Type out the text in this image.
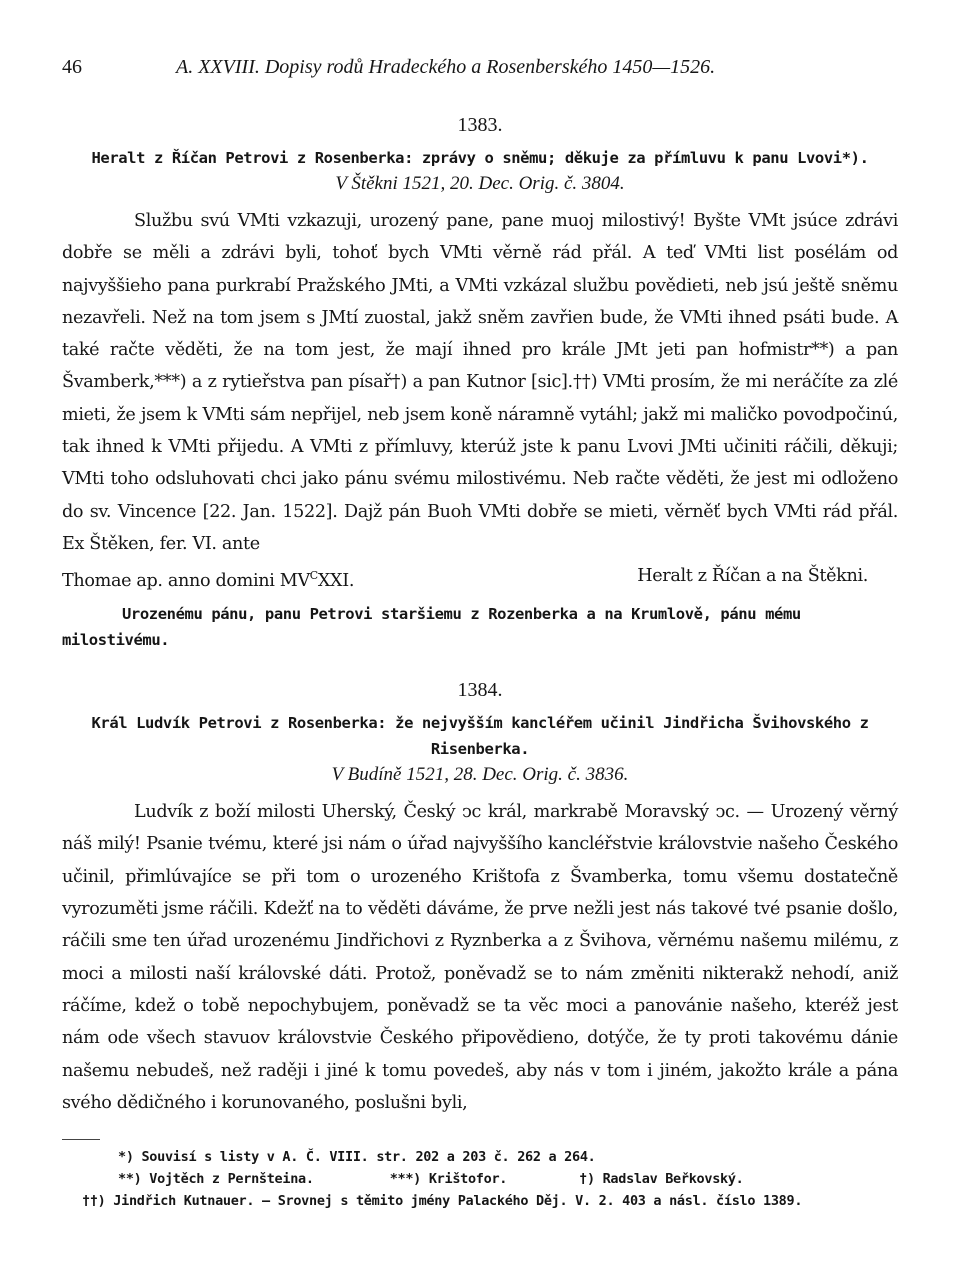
46	A. XXVIII. Dopisy rodů Hradeckého a Rosenberského 1450—1526.
1383.
Heralt z Říčan Petrovi z Rosenberka: zprávy o sněmu; děkuje za přímluvu k panu Lvovi*).
V Štěkni 1521, 20. Dec. Orig. č. 3804.

Službu svú VMti vzkazuji, urozený pane, pane muoj milostivý! Byšte VMt jsúce zdrávi dobře se měli a zdrávi byli, tohoť bych VMti věrně rád přál. A teď VMti list posélám od najvyššieho pana purkrabí Pražského JMti, a VMti vzkázal službu povědieti, neb jsú ještě sněmu nezavřeli. Než na tom jsem s JMtí zuostal, jakž sněm zavřien bude, že VMti ihned psáti bude. A také račte věděti, že na tom jest, že mají ihned pro krále JMt jeti pan hofmistr**) a pan Švamberk,***) a z rytieřstva pan písař†) a pan Kutnor [sic].††) VMti prosím, že mi neráčíte za zlé mieti, že jsem k VMti sám nepřijel, neb jsem koně náramně vytáhl; jakž mi maličko povodpočinú, tak ihned k VMti přijedu. A VMti z přímluvy, kterúž jste k panu Lvovi JMti učiniti ráčili, děkuji; VMti toho odsluhovati chci jako pánu svému milostivému. Neb račte věděti, že jest mi odloženo do sv. Vincence [22. Jan. 1522]. Dajž pán Buoh VMti dobře se mieti, věrněť bych VMti rád přál. Ex Štěken, fer. VI. ante

Thomae ap. anno domini $MV^CXXI$.	Heralt z Říčan a na Štěkni.
Urozenému pánu, panu Petrovi staršiemu z Rozenberka a na Krumlově, pánu mému milostivému.
1384.
Král Ludvík Petrovi z Rosenberka: že nejvyšším kancléřem učinil Jindřicha Švihovského z Risenberka.
V Budíně 1521, 28. Dec. Orig. č. 3836.

Ludvík z boží milosti Uherský, Český ͻc král, markrabě Moravský ͻc. — Urozený věrný náš milý! Psanie tvému, které jsi nám o úřad najvyššího kancléřstvie královstvie našeho Českého učinil, přimlúvajíce se při tom o urozeného Krištofa z Švamberka, tomu všemu dostatečně vyrozuměti jsme ráčili. Kdežť na to věděti dáváme, že prve nežli jest nás takové tvé psanie došlo, ráčili sme ten úřad urozenému Jindřichovi z Ryznberka a z Švihova, věrnému našemu milému, z moci a milosti naší královské dáti. Protož, poněvadž se to nám změniti nikterakž nehodí, aniž ráčíme, kdež o tobě nepochybujem, poněvadž se ta věc moci a panovánie našeho, kteréž jest nám ode všech stavuov královstvie Českého připovědieno, dotýče, že ty proti takovému dánie našemu nebudeš, než raději i jiné k tomu povedeš, aby nás v tom i jiném, jakožto krále a pána svého dědičného i korunovaného, poslušni byli,

*) Souvisí s listy v A. Č. VIII. str. 202 a 203 č. 262 a 264.
**) Vojtěch z Pernšteina.	***) Krištofor.	†) Radslav Beřkovský.
††) Jindřich Kutnauer. — Srovnej s těmito jmény Palackého Děj. V. 2. 403 a násl. číslo 1389.
